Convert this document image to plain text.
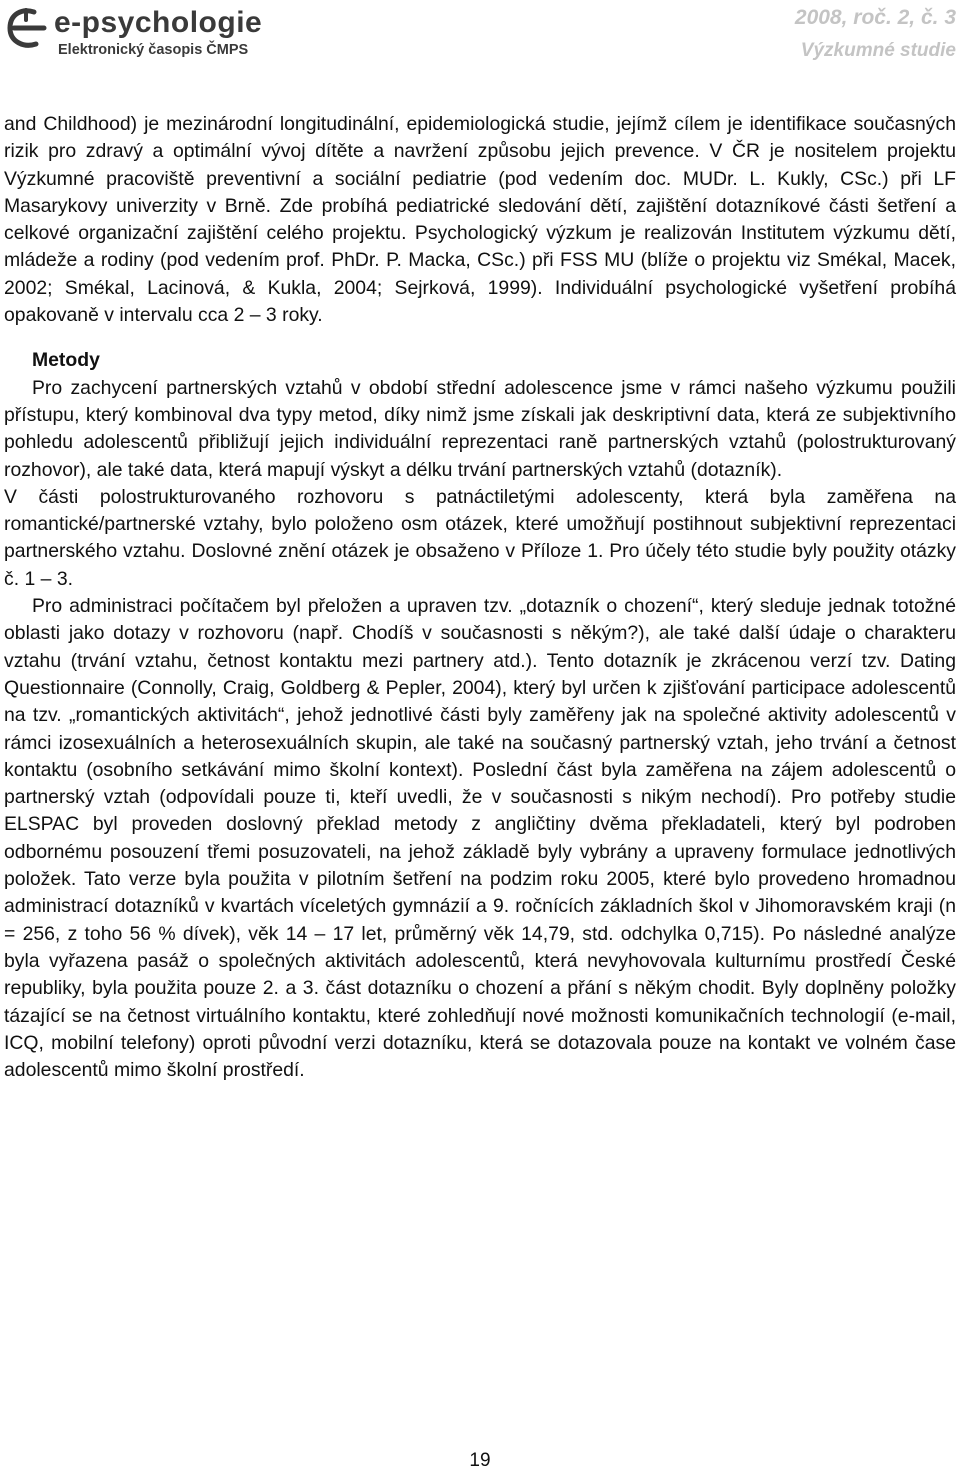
e-psychologie
Elektronický časopis ČMPS
2008, roč. 2, č. 3
Výzkumné studie

and Childhood) je mezinárodní longitudinální, epidemiologická studie, jejímž cílem je identifikace současných rizik pro zdravý a optimální vývoj dítěte a navržení způsobu jejich prevence. V ČR je nositelem projektu Výzkumné pracoviště preventivní a sociální pediatrie (pod vedením doc. MUDr. L. Kukly, CSc.) při LF Masarykovy univerzity v Brně. Zde probíhá pediatrické sledování dětí, zajištění dotazníkové části šetření a celkové organizační zajištění celého projektu. Psychologický výzkum je realizován Institutem výzkumu dětí, mládeže a rodiny (pod vedením prof. PhDr. P. Macka, CSc.) při FSS MU (blíže o projektu viz Smékal, Macek, 2002; Smékal, Lacinová, & Kukla, 2004; Sejrková, 1999). Individuální psychologické vyšetření probíhá opakovaně v intervalu cca 2 – 3 roky.

Metody

Pro zachycení partnerských vztahů v období střední adolescence jsme v rámci našeho výzkumu použili přístupu, který kombinoval dva typy metod, díky nimž jsme získali jak deskriptivní data, která ze subjektivního pohledu adolescentů přibližují jejich individuální reprezentaci raně partnerských vztahů (polostrukturovaný rozhovor), ale také data, která mapují výskyt a délku trvání partnerských vztahů (dotazník).

V části polostrukturovaného rozhovoru s patnáctiletými adolescenty, která byla zaměřena na romantické/partnerské vztahy, bylo položeno osm otázek, které umožňují postihnout subjektivní reprezentaci partnerského vztahu. Doslovné znění otázek je obsaženo v Příloze 1. Pro účely této studie byly použity otázky č. 1 – 3.

Pro administraci počítačem byl přeložen a upraven tzv. „dotazník o chození“, který sleduje jednak totožné oblasti jako dotazy v rozhovoru (např. Chodíš v současnosti s někým?), ale také další údaje o charakteru vztahu (trvání vztahu, četnost kontaktu mezi partnery atd.). Tento dotazník je zkrácenou verzí tzv. Dating Questionnaire (Connolly, Craig, Goldberg & Pepler, 2004), který byl určen k zjišťování participace adolescentů na tzv. „romantických aktivitách“, jehož jednotlivé části byly zaměřeny jak na společné aktivity adolescentů v rámci izosexuálních a heterosexuálních skupin, ale také na současný partnerský vztah, jeho trvání a četnost kontaktu (osobního setkávání mimo školní kontext). Poslední část byla zaměřena na zájem adolescentů o partnerský vztah (odpovídali pouze ti, kteří uvedli, že v současnosti s nikým nechodí). Pro potřeby studie ELSPAC byl proveden doslovný překlad metody z angličtiny dvěma překladateli, který byl podroben odbornému posouzení třemi posuzovateli, na jehož základě byly vybrány a upraveny formulace jednotlivých položek. Tato verze byla použita v pilotním šetření na podzim roku 2005, které bylo provedeno hromadnou administrací dotazníků v kvartách víceletých gymnázií a 9. ročnících základních škol v Jihomoravském kraji (n = 256, z toho 56 % dívek), věk 14 – 17 let, průměrný věk 14,79, std. odchylka 0,715). Po následné analýze byla vyřazena pasáž o společných aktivitách adolescentů, která nevyhovovala kulturnímu prostředí České republiky, byla použita pouze 2. a 3. část dotazníku o chození a přání s někým chodit. Byly doplněny položky tázající se na četnost virtuálního kontaktu, které zohledňují nové možnosti komunikačních technologií (e-mail, ICQ, mobilní telefony) oproti původní verzi dotazníku, která se dotazovala pouze na kontakt ve volném čase adolescentů mimo školní prostředí.

19
